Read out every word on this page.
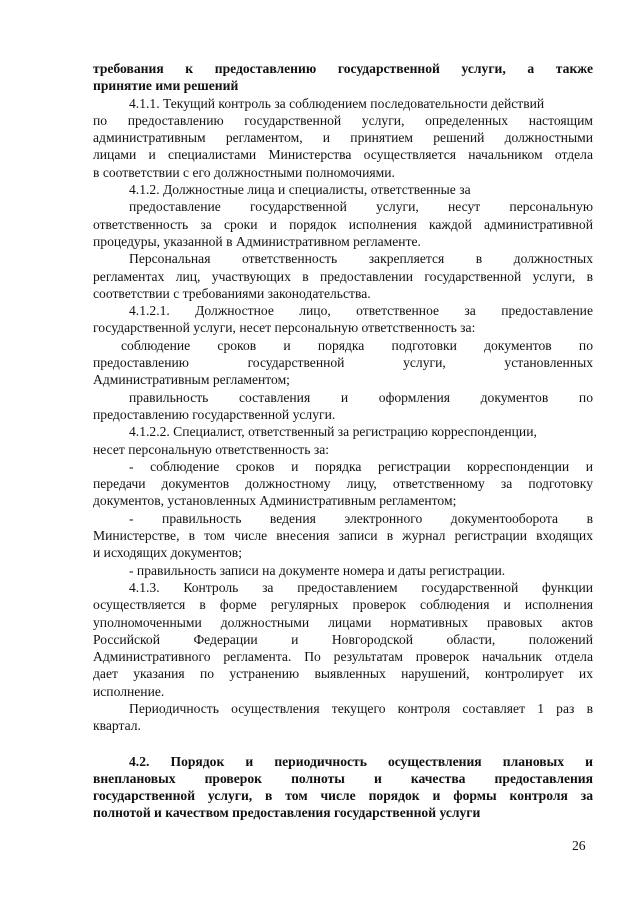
требования к предоставлению государственной услуги, а также
принятие ими решений
4.1.1. Текущий контроль за соблюдением последовательности действий
по предоставлению государственной услуги, определенных настоящим
административным регламентом, и принятием решений должностными
лицами и специалистами Министерства осуществляется начальником отдела
в соответствии с его должностными полномочиями.
4.1.2. Должностные лица и специалисты, ответственные за
предоставление государственной услуги, несут персональную
ответственность за сроки и порядок исполнения каждой административной
процедуры, указанной в Административном регламенте.
Персональная ответственность закрепляется в должностных
регламентах лиц, участвующих в предоставлении государственной услуги, в
соответствии с требованиями законодательства.
4.1.2.1. Должностное лицо, ответственное за предоставление
государственной услуги, несет персональную ответственность за:
соблюдение сроков и порядка подготовки документов по
предоставлению государственной услуги, установленных
Административным регламентом;
правильность составления и оформления документов по
предоставлению государственной услуги.
4.1.2.2. Специалист, ответственный за регистрацию корреспонденции,
несет персональную ответственность за:
- соблюдение сроков и порядка регистрации корреспонденции и
передачи документов должностному лицу, ответственному за подготовку
документов, установленных Административным регламентом;
- правильность ведения электронного документооборота в
Министерстве, в том числе внесения записи в журнал регистрации входящих
и исходящих документов;
- правильность записи на документе номера и даты регистрации.
4.1.3. Контроль за предоставлением государственной функции
осуществляется в форме регулярных проверок соблюдения и исполнения
уполномоченными должностными лицами нормативных правовых актов
Российской Федерации и Новгородской области, положений
Административного регламента. По результатам проверок начальник отдела
дает указания по устранению выявленных нарушений, контролирует их
исполнение.
Периодичность осуществления текущего контроля составляет 1 раз в
квартал.
4.2. Порядок и периодичность осуществления плановых и
внеплановых проверок полноты и качества предоставления
государственной услуги, в том числе порядок и формы контроля за
полнотой и качеством предоставления государственной услуги
26
